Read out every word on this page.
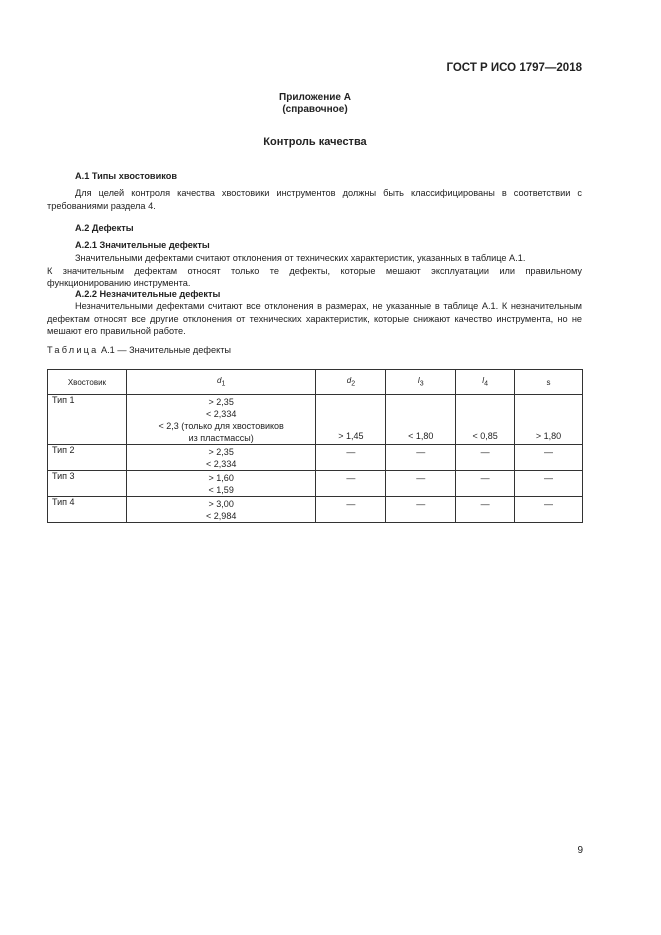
ГОСТ Р ИСО 1797—2018
Приложение А
(справочное)
Контроль качества
А.1 Типы хвостовиков

Для целей контроля качества хвостовики инструментов должны быть классифицированы в соответствии с требованиями раздела 4.

А.2 Дефекты
А.2.1 Значительные дефекты

Значительными дефектами считают отклонения от технических характеристик, указанных в таблице А.1.

К значительным дефектам относят только те дефекты, которые мешают эксплуатации или правильному функционированию инструмента.

А.2.2 Незначительные дефекты

Незначительными дефектами считают все отклонения в размерах, не указанные в таблице А.1. К незначительным дефектам относят все другие отклонения от технических характеристик, которые снижают качество инструмента, но не мешают его правильной работе.

Таблица А.1 — Значительные дефекты
Хвостовик	$d_1$	$d_2$	$l_3$	$l_4$	s
Тип 1	> 2,35
< 2,334
< 2,3 (только для хвостовиков
из пластмассы)	> 1,45	< 1,80	< 0,85	> 1,80
Тип 2	> 2,35
< 2,334	—	—	—	—
Тип 3	> 1,60
< 1,59	—	—	—	—
Тип 4	> 3,00
< 2,984	—	—	—	—
9
